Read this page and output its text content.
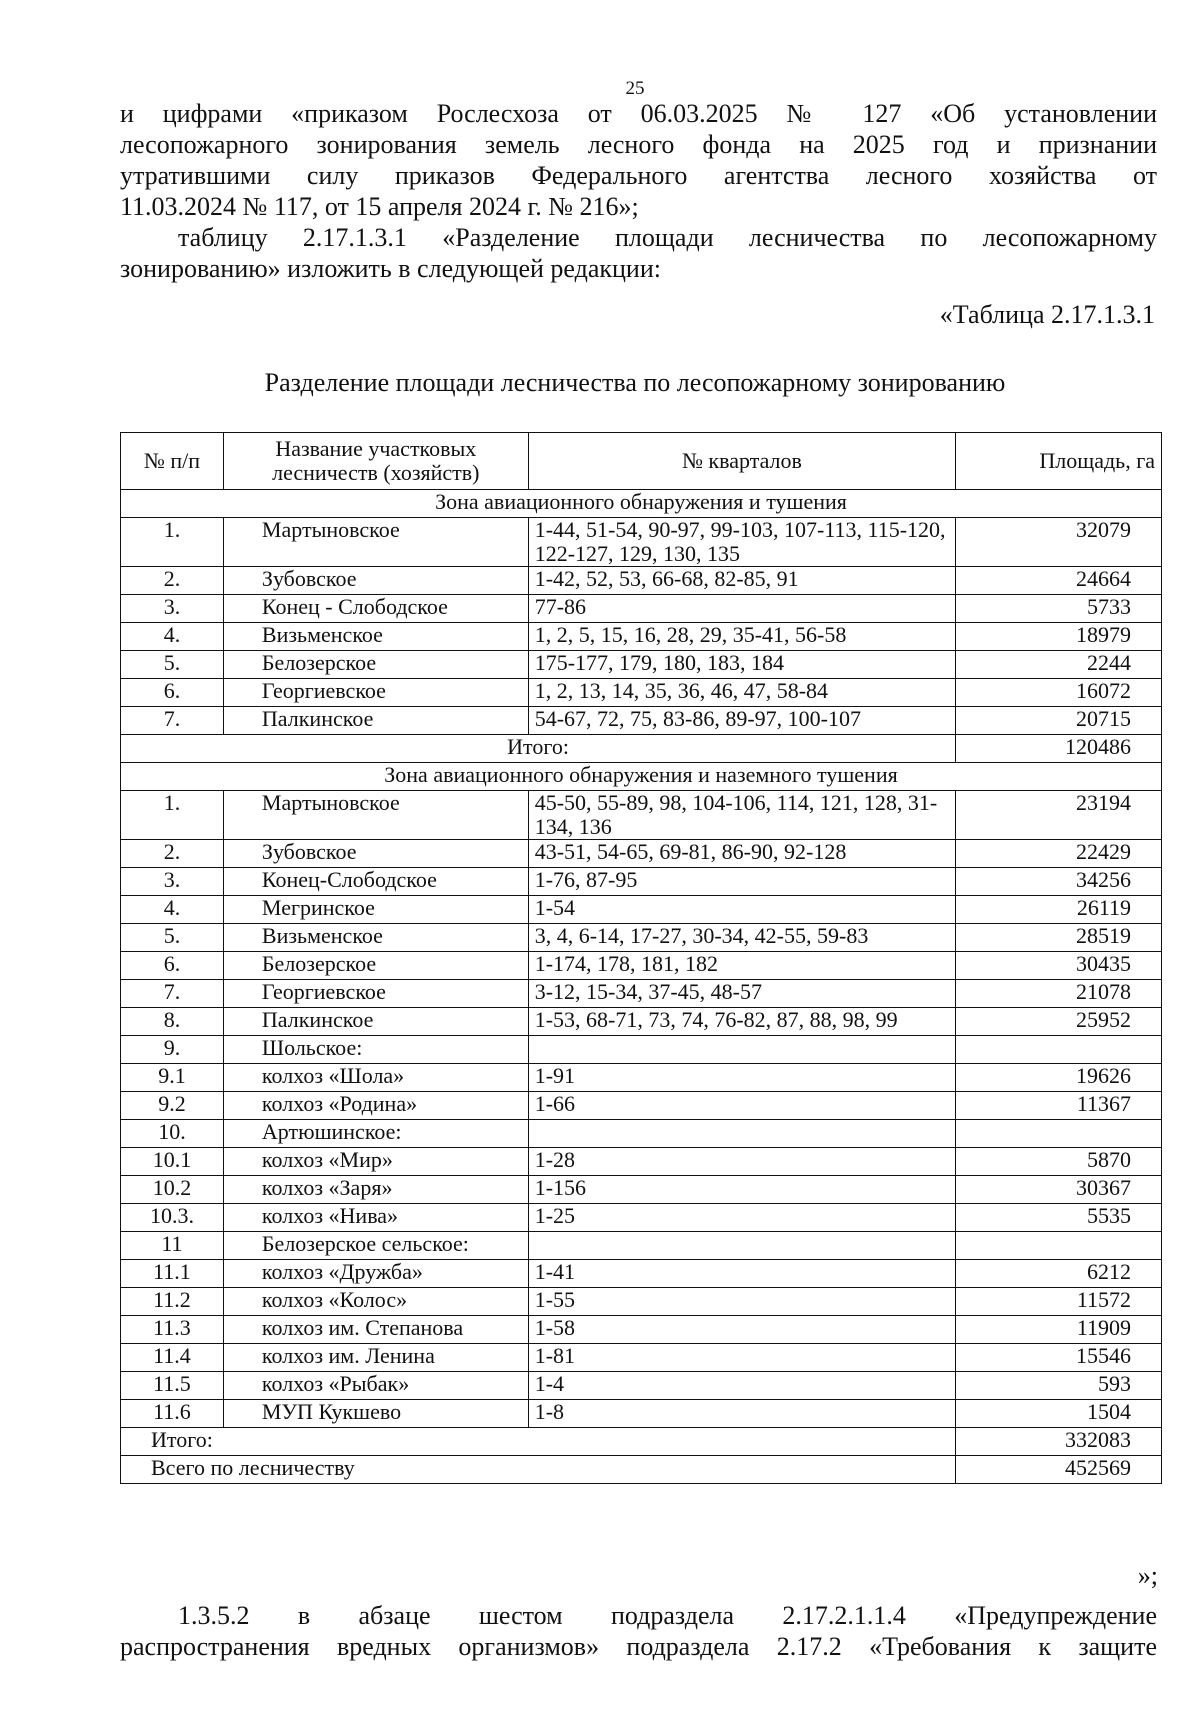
25
и цифрами «приказом Рослесхоза от 06.03.2025 № 127 «Об установлении
лесопожарного зонирования земель лесного фонда на 2025 год и признании
утратившими силу приказов Федерального агентства лесного хозяйства от
11.03.2024 № 117, от 15 апреля 2024 г. № 216»;
таблицу 2.17.1.3.1 «Разделение площади лесничества по лесопожарному
зонированию» изложить в следующей редакции:
«Таблица 2.17.1.3.1
Разделение площади лесничества по лесопожарному зонированию
№ п/п	Название участковых лесничеств (хозяйств)	№ кварталов	Площадь, га
Зона авиационного обнаружения и тушения			
1.	Мартыновское	1-44, 51-54, 90-97, 99-103, 107-113, 115-120, 122-127, 129, 130, 135	32079
2.	Зубовское	1-42, 52, 53, 66-68, 82-85, 91	24664
3.	Конец - Слободское	77-86	5733
4.	Визьменское	1, 2, 5, 15, 16, 28, 29, 35-41, 56-58	18979
5.	Белозерское	175-177, 179, 180, 183, 184	2244
6.	Георгиевское	1, 2, 13, 14, 35, 36, 46, 47, 58-84	16072
7.	Палкинское	54-67, 72, 75, 83-86, 89-97, 100-107	20715
Итого:			120486
Зона авиационного обнаружения и наземного тушения			
1.	Мартыновское	45-50, 55-89, 98, 104-106, 114, 121, 128, 31-134, 136	23194
2.	Зубовское	43-51, 54-65, 69-81, 86-90, 92-128	22429
3.	Конец-Слободское	1-76, 87-95	34256
4.	Мегринское	1-54	26119
5.	Визьменское	3, 4, 6-14, 17-27, 30-34, 42-55, 59-83	28519
6.	Белозерское	1-174, 178, 181, 182	30435
7.	Георгиевское	3-12, 15-34, 37-45, 48-57	21078
8.	Палкинское	1-53, 68-71, 73, 74, 76-82, 87, 88, 98, 99	25952
9.	Шольское:		
9.1	колхоз «Шола»	1-91	19626
9.2	колхоз «Родина»	1-66	11367
10.	Артюшинское:		
10.1	колхоз «Мир»	1-28	5870
10.2	колхоз «Заря»	1-156	30367
10.3.	колхоз «Нива»	1-25	5535
11	Белозерское сельское:		
11.1	колхоз «Дружба»	1-41	6212
11.2	колхоз «Колос»	1-55	11572
11.3	колхоз им. Степанова	1-58	11909
11.4	колхоз им. Ленина	1-81	15546
11.5	колхоз «Рыбак»	1-4	593
11.6	МУП Кукшево	1-8	1504
Итого:			332083
Всего по лесничеству			452569
»;
1.3.5.2 в абзаце шестом подраздела 2.17.2.1.1.4 «Предупреждение
распространения вредных организмов» подраздела 2.17.2 «Требования к защите
